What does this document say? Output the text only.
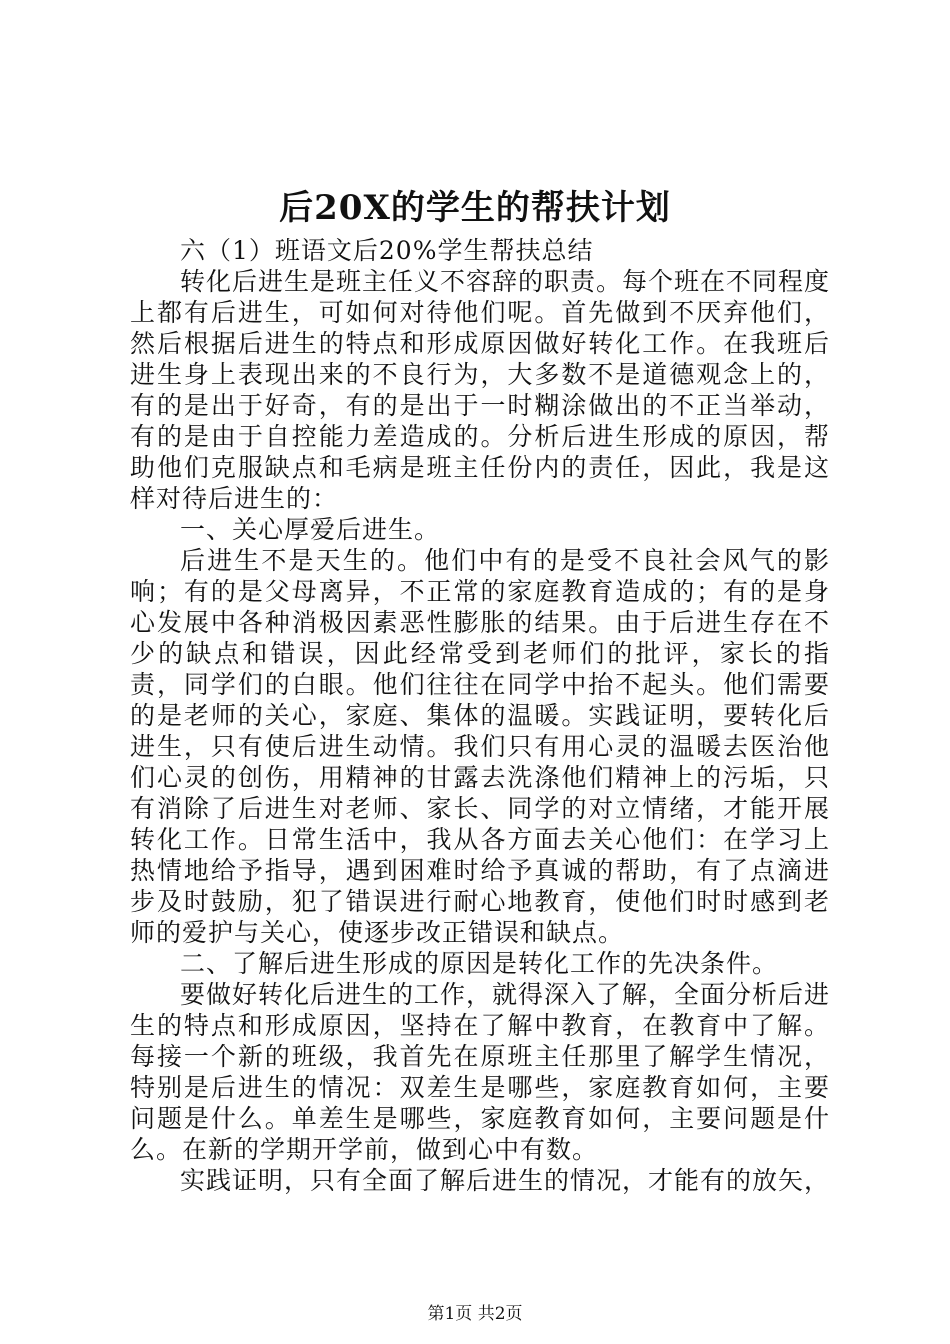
后20X的学生的帮扶计划

六（1）班语文后20%学生帮扶总结

转化后进生是班主任义不容辞的职责。每个班在不同程度上都有后进生，可如何对待他们呢。首先做到不厌弃他们，然后根据后进生的特点和形成原因做好转化工作。在我班后进生身上表现出来的不良行为，大多数不是道德观念上的，有的是出于好奇，有的是出于一时糊涂做出的不正当举动，有的是由于自控能力差造成的。分析后进生形成的原因，帮助他们克服缺点和毛病是班主任份内的责任，因此，我是这样对待后进生的：

一、关心厚爱后进生。

后进生不是天生的。他们中有的是受不良社会风气的影响；有的是父母离异，不正常的家庭教育造成的；有的是身心发展中各种消极因素恶性膨胀的结果。由于后进生存在不少的缺点和错误，因此经常受到老师们的批评，家长的指责，同学们的白眼。他们往往在同学中抬不起头。他们需要的是老师的关心，家庭、集体的温暖。实践证明，要转化后进生，只有使后进生动情。我们只有用心灵的温暖去医治他们心灵的创伤，用精神的甘露去洗涤他们精神上的污垢，只有消除了后进生对老师、家长、同学的对立情绪，才能开展转化工作。日常生活中，我从各方面去关心他们：在学习上热情地给予指导，遇到困难时给予真诚的帮助，有了点滴进步及时鼓励，犯了错误进行耐心地教育，使他们时时感到老师的爱护与关心，使逐步改正错误和缺点。

二、了解后进生形成的原因是转化工作的先决条件。

要做好转化后进生的工作，就得深入了解，全面分析后进生的特点和形成原因，坚持在了解中教育，在教育中了解。每接一个新的班级，我首先在原班主任那里了解学生情况，特别是后进生的情况：双差生是哪些，家庭教育如何，主要问题是什么。单差生是哪些，家庭教育如何，主要问题是什么。在新的学期开学前，做到心中有数。

实践证明，只有全面了解后进生的情况，才能有的放矢，

第1页 共2页
